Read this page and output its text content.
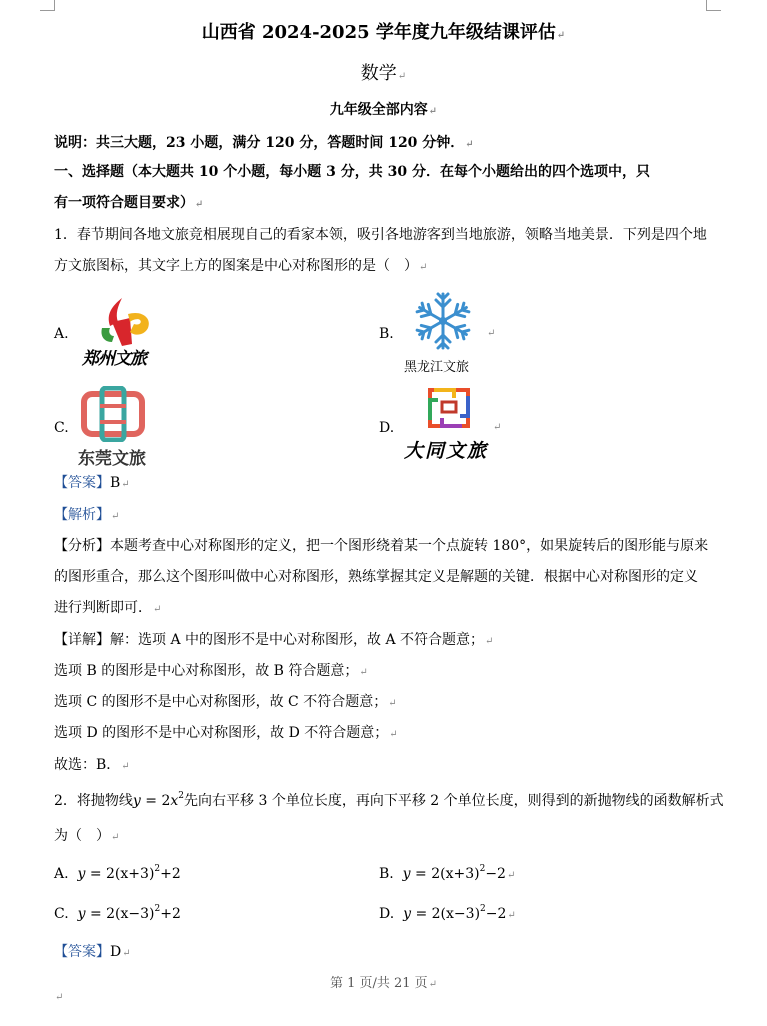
山西省 2024-2025 学年度九年级结课评估↵
数学↵
九年级全部内容↵
说明：共三大题，23 小题，满分 120 分，答题时间 120 分钟．↵
一、选择题（本大题共 10 个小题，每小题 3 分，共 30 分．在每个小题给出的四个选项中，只
有一项符合题目要求）↵
1．春节期间各地文旅竞相展现自己的看家本领，吸引各地游客到当地旅游，领略当地美景．下列是四个地
方文旅图标，其文字上方的图案是中心对称图形的是（　）↵
A.
郑州文旅
B.
黑龙江文旅
↵
C.
东莞文旅
D.
大同文旅
↵
【答案】B↵
【解析】↵
【分析】本题考查中心对称图形的定义，把一个图形绕着某一个点旋转 180°，如果旋转后的图形能与原来
的图形重合，那么这个图形叫做中心对称图形，熟练掌握其定义是解题的关键．根据中心对称图形的定义
进行判断即可．↵
【详解】解：选项 A 中的图形不是中心对称图形，故 A 不符合题意；↵
选项 B 的图形是中心对称图形，故 B 符合题意；↵
选项 C 的图形不是中心对称图形，故 C 不符合题意；↵
选项 D 的图形不是中心对称图形，故 D 不符合题意；↵
故选：B．↵
2．将抛物线$y = 2x^2$先向右平移 3 个单位长度，再向下平移 2 个单位长度，则得到的新抛物线的函数解析式
为（　）↵
A. $y = 2(x+3)^2+2$	B. $y = 2(x+3)^2-2↵$
C. $y = 2(x-3)^2+2$	D. $y = 2(x-3)^2-2↵$
【答案】D↵
第 1 页/共 21 页↵
↵
